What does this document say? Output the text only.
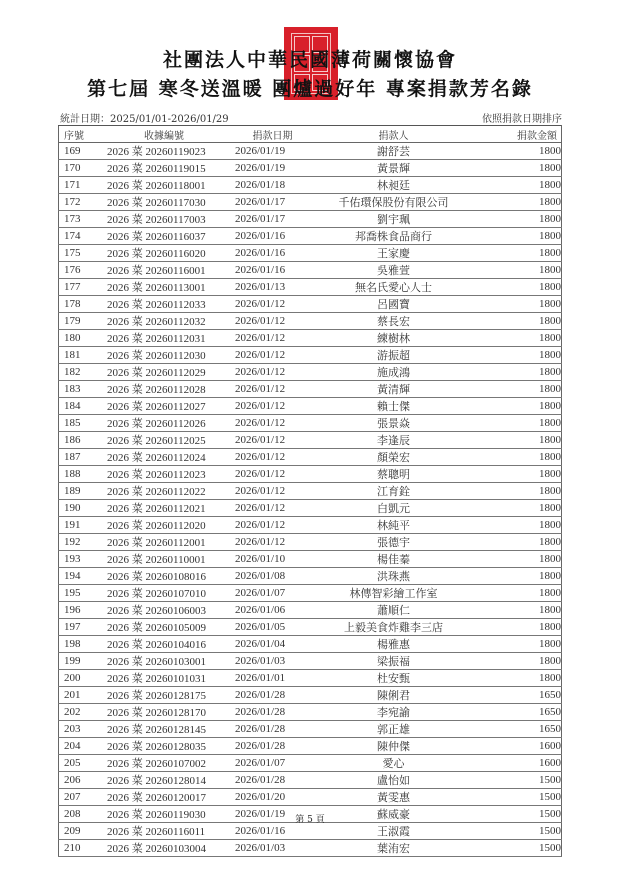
社團法人中華民國薄荷關懷協會
第七屆 寒冬送溫暖 團爐過好年 專案捐款芳名錄
統計日期：2025/01/01-2026/01/29	依照捐款日期排序
序號	收據編號	捐款日期	捐款人	捐款金額
169	2026 菜 20260119023	2026/01/19	謝舒芸	1800
170	2026 菜 20260119015	2026/01/19	黃景輝	1800
171	2026 菜 20260118001	2026/01/18	林昶廷	1800
172	2026 菜 20260117030	2026/01/17	千佑環保股份有限公司	1800
173	2026 菜 20260117003	2026/01/17	劉宇珮	1800
174	2026 菜 20260116037	2026/01/16	邦喬株食品商行	1800
175	2026 菜 20260116020	2026/01/16	王家慶	1800
176	2026 菜 20260116001	2026/01/16	吳雅萱	1800
177	2026 菜 20260113001	2026/01/13	無名氏愛心人士	1800
178	2026 菜 20260112033	2026/01/12	呂國寶	1800
179	2026 菜 20260112032	2026/01/12	蔡長宏	1800
180	2026 菜 20260112031	2026/01/12	練樹林	1800
181	2026 菜 20260112030	2026/01/12	游振超	1800
182	2026 菜 20260112029	2026/01/12	施成鴻	1800
183	2026 菜 20260112028	2026/01/12	黃清輝	1800
184	2026 菜 20260112027	2026/01/12	賴士傑	1800
185	2026 菜 20260112026	2026/01/12	張景焱	1800
186	2026 菜 20260112025	2026/01/12	李逢辰	1800
187	2026 菜 20260112024	2026/01/12	顏榮宏	1800
188	2026 菜 20260112023	2026/01/12	蔡聰明	1800
189	2026 菜 20260112022	2026/01/12	江育銓	1800
190	2026 菜 20260112021	2026/01/12	白凱元	1800
191	2026 菜 20260112020	2026/01/12	林純平	1800
192	2026 菜 20260112001	2026/01/12	張德宇	1800
193	2026 菜 20260110001	2026/01/10	楊佳蓁	1800
194	2026 菜 20260108016	2026/01/08	洪珠燕	1800
195	2026 菜 20260107010	2026/01/07	林傳智彩繪工作室	1800
196	2026 菜 20260106003	2026/01/06	蕭順仁	1800
197	2026 菜 20260105009	2026/01/05	上毅美食炸雞李三店	1800
198	2026 菜 20260104016	2026/01/04	楊雅惠	1800
199	2026 菜 20260103001	2026/01/03	梁振福	1800
200	2026 菜 20260101031	2026/01/01	杜安甄	1800
201	2026 菜 20260128175	2026/01/28	陳俐君	1650
202	2026 菜 20260128170	2026/01/28	李宛諭	1650
203	2026 菜 20260128145	2026/01/28	郭正雄	1650
204	2026 菜 20260128035	2026/01/28	陳仲傑	1600
205	2026 菜 20260107002	2026/01/07	愛心	1600
206	2026 菜 20260128014	2026/01/28	盧怡如	1500
207	2026 菜 20260120017	2026/01/20	黃雯惠	1500
208	2026 菜 20260119030	2026/01/19	蘇威豪	1500
209	2026 菜 20260116011	2026/01/16	王淑霞	1500
210	2026 菜 20260103004	2026/01/03	葉洧宏	1500
第 5 頁
